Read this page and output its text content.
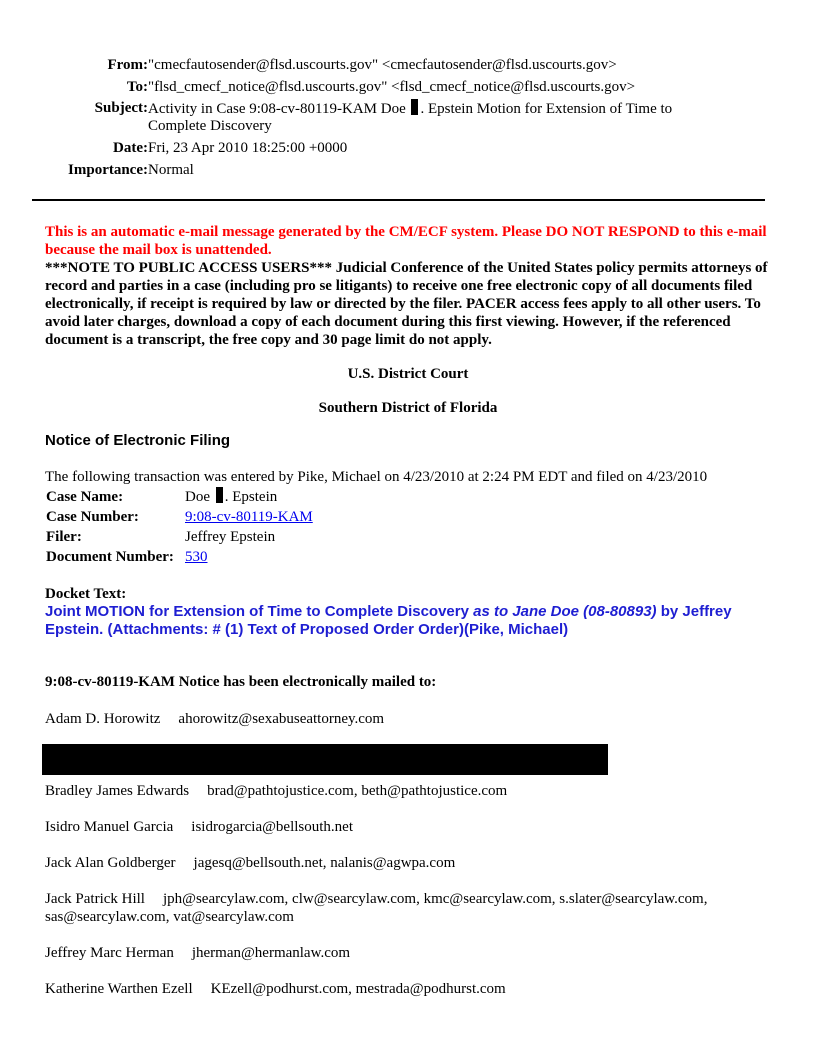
From: "cmecfautosender@flsd.uscourts.gov" <cmecfautosender@flsd.uscourts.gov>
To: "flsd_cmecf_notice@flsd.uscourts.gov" <flsd_cmecf_notice@flsd.uscourts.gov>
Subject: Activity in Case 9:08-cv-80119-KAM Doe . Epstein Motion for Extension of Time to
Complete Discovery
Date: Fri, 23 Apr 2010 18:25:00 +0000
Importance: Normal
This is an automatic e-mail message generated by the CM/ECF system. Please DO NOT RESPOND to this e-mail because the mail box is unattended.
***NOTE TO PUBLIC ACCESS USERS*** Judicial Conference of the United States policy permits attorneys of record and parties in a case (including pro se litigants) to receive one free electronic copy of all documents filed electronically, if receipt is required by law or directed by the filer. PACER access fees apply to all other users. To avoid later charges, download a copy of each document during this first viewing. However, if the referenced document is a transcript, the free copy and 30 page limit do not apply.
U.S. District Court
Southern District of Florida
Notice of Electronic Filing
The following transaction was entered by Pike, Michael on 4/23/2010 at 2:24 PM EDT and filed on 4/23/2010
Case Name:	Doe . Epstein
Case Number:	9:08-cv-80119-KAM
Filer:	Jeffrey Epstein
Document Number: 530
Docket Text:
Joint MOTION for Extension of Time to Complete Discovery as to Jane Doe (08-80893) by Jeffrey Epstein. (Attachments: # (1) Text of Proposed Order Order)(Pike, Michael)
9:08-cv-80119-KAM Notice has been electronically mailed to:
Adam D. Horowitz ahorowitz@sexabuseattorney.com
Bradley James Edwards brad@pathtojustice.com, beth@pathtojustice.com
Isidro Manuel Garcia isidrogarcia@bellsouth.net
Jack Alan Goldberger jagesq@bellsouth.net, nalanis@agwpa.com
Jack Patrick Hill jph@searcylaw.com, clw@searcylaw.com, kmc@searcylaw.com, s.slater@searcylaw.com, sas@searcylaw.com, vat@searcylaw.com
Jeffrey Marc Herman jherman@hermanlaw.com
Katherine Warthen Ezell KEzell@podhurst.com, mestrada@podhurst.com
